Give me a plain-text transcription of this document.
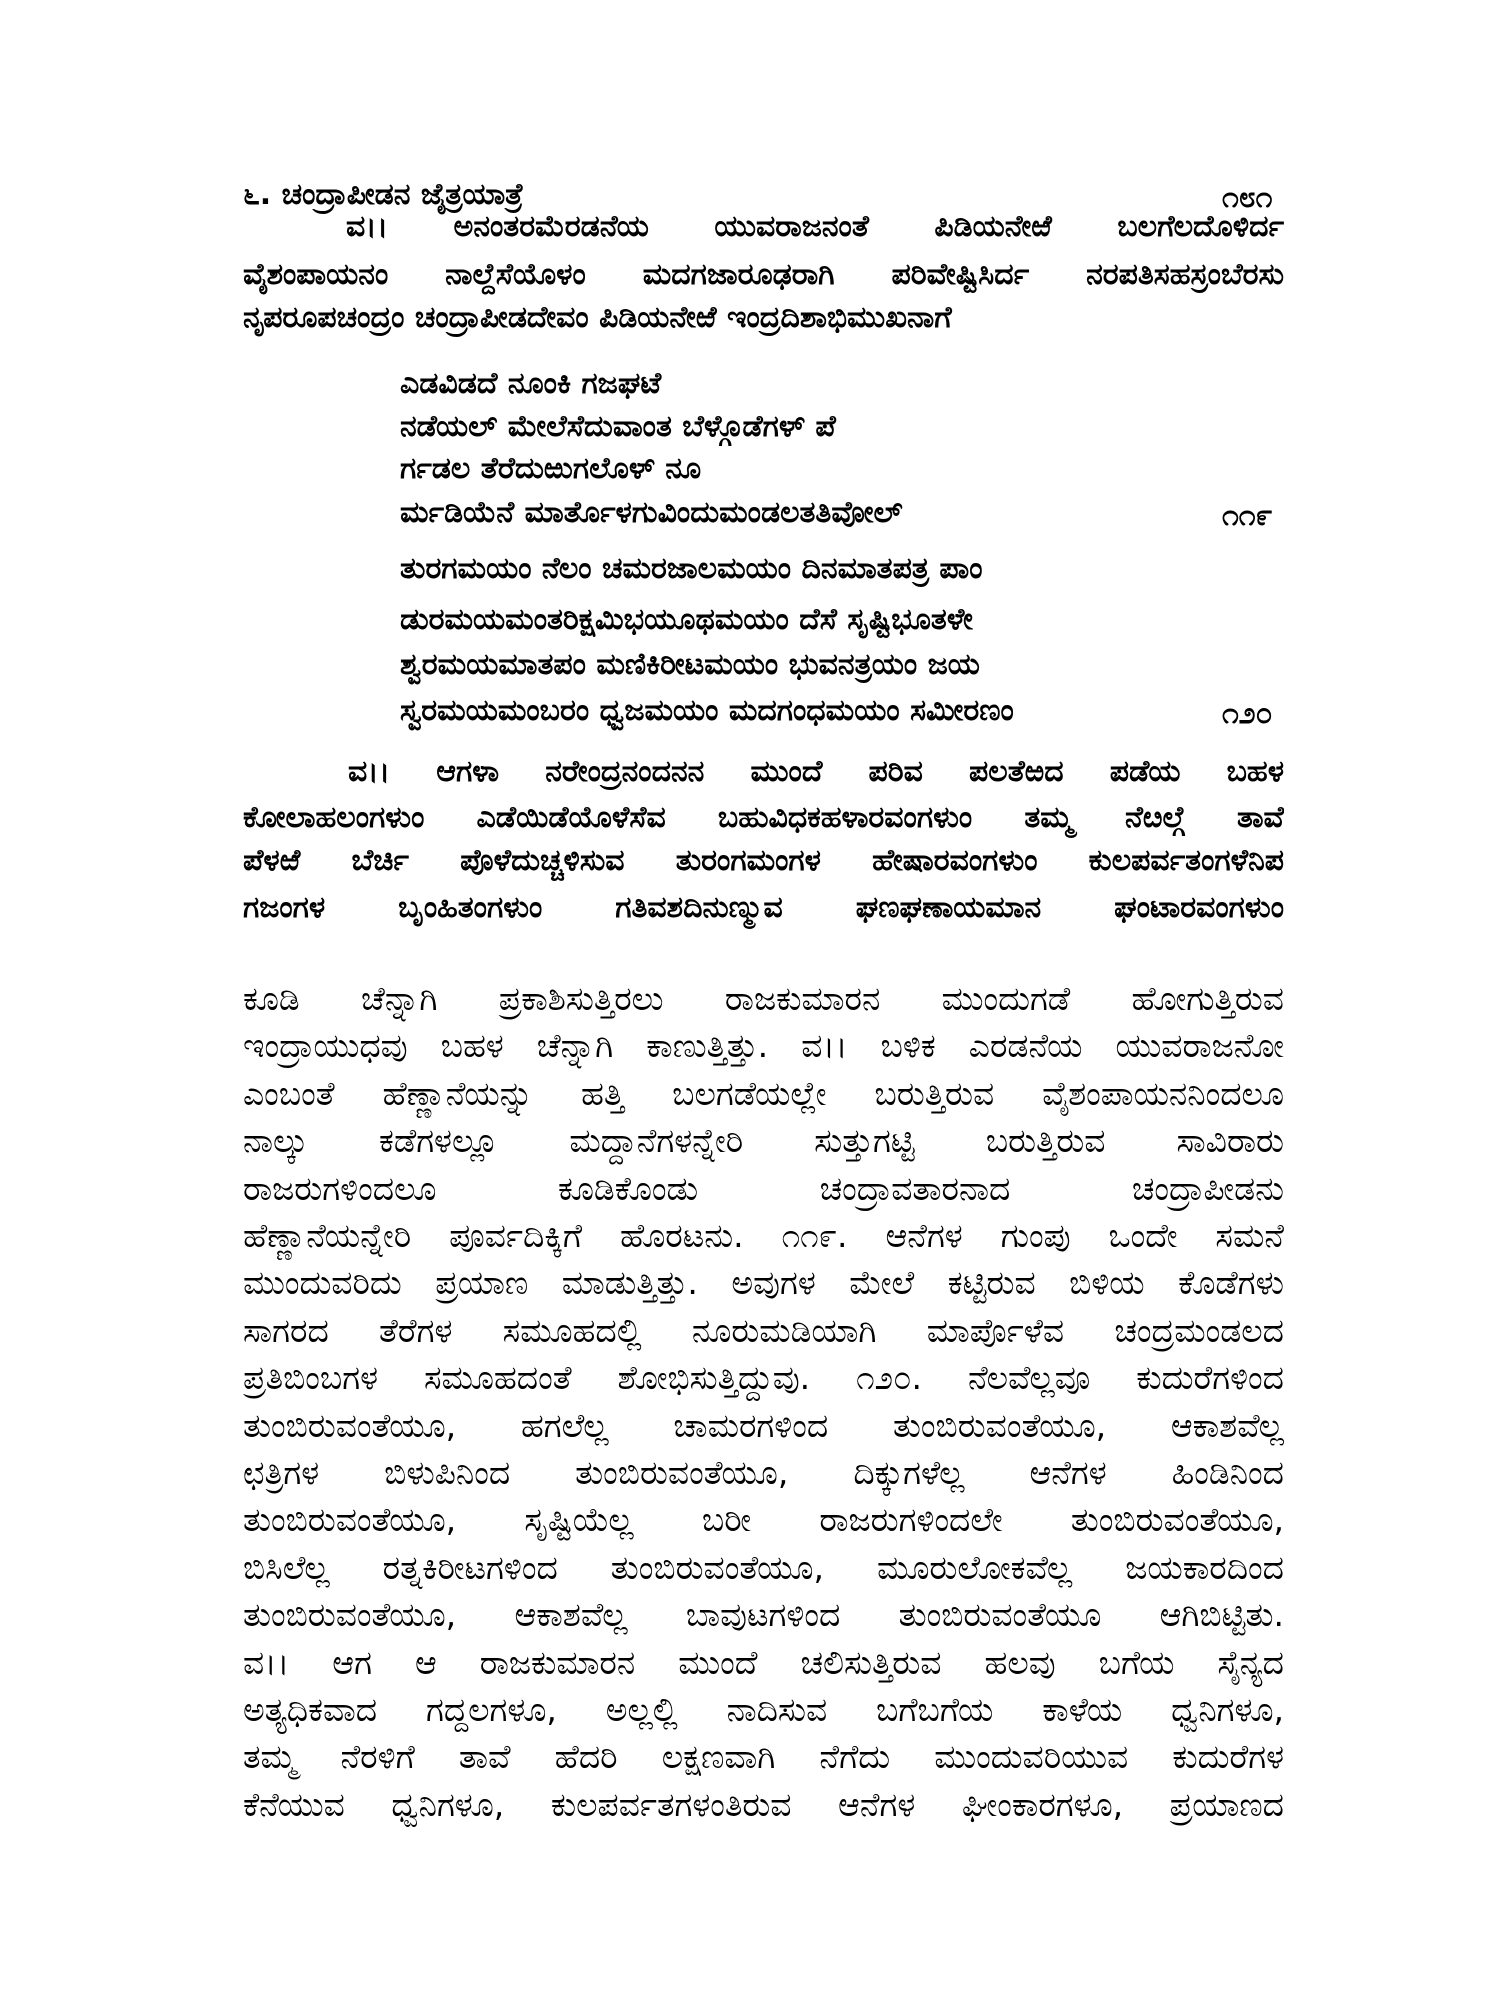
೬. ಚಂದ್ರಾಪೀಡನ ಜೈತ್ರಯಾತ್ರೆ	೧೮೧
ವ।। ಅನಂತರಮೆರಡನೆಯ ಯುವರಾಜನಂತೆ ಪಿಡಿಯನೇಱೆ ಬಲಗೆಲದೊಳಿರ್ದ
ವೈಶಂಪಾಯನಂ ನಾಲ್ದೆಸೆಯೊಳಂ ಮದಗಜಾರೂಢರಾಗಿ ಪರಿವೇಷ್ಟಿಸಿರ್ದ ನರಪತಿಸಹಸ್ರಂಬೆರಸು
ನೃಪರೂಪಚಂದ್ರಂ ಚಂದ್ರಾಪೀಡದೇವಂ ಪಿಡಿಯನೇಱೆ ಇಂದ್ರದಿಶಾಭಿಮುಖನಾಗೆ
ಎಡವಿಡದೆ ನೂಂಕಿ ಗಜಘಟೆ
ನಡೆಯಲ್ ಮೇಲೆಸೆದುವಾಂತ ಬೆಳ್ಗೊಡೆಗಳ್ ಪೆ
ರ್ಗಡಲ ತೆರೆದುಱುಗಲೊಳ್ ನೂ
ರ್ಮಡಿಯೆನೆ ಮಾರ್ತೊಳಗುವಿಂದುಮಂಡಲತತಿವೋಲ್	೧೧೯
ತುರಗಮಯಂ ನೆಲಂ ಚಮರಜಾಲಮಯಂ ದಿನಮಾತಪತ್ರ ಪಾಂ
ಡುರಮಯಮಂತರಿಕ್ಷಮಿಭಯೂಥಮಯಂ ದೆಸೆ ಸೃಷ್ಟಿಭೂತಳೇ
ಶ್ವರಮಯಮಾತಪಂ ಮಣಿಕಿರೀಟಮಯಂ ಭುವನತ್ರಯಂ ಜಯ
ಸ್ವರಮಯಮಂಬರಂ ಧ್ವಜಮಯಂ ಮದಗಂಧಮಯಂ ಸಮೀರಣಂ	೧೨೦
ವ।। ಆಗಳಾ ನರೇಂದ್ರನಂದನನ ಮುಂದೆ ಪರಿವ ಪಲತೆಱದ ಪಡೆಯ ಬಹಳ
ಕೋಲಾಹಲಂಗಳುಂ ಎಡೆಯಿಡೆಯೊಳೆಸೆವ ಬಹುವಿಧಕಹಳಾರವಂಗಳುಂ ತಮ್ಮ ನೆೞಲ್ಗೆ ತಾವೆ
ಪೆಳಱೆ ಬೆರ್ಚಿ ಪೊಳೆದುಚ್ಚಳಿಸುವ ತುರಂಗಮಂಗಳ ಹೇಷಾರವಂಗಳುಂ ಕುಲಪರ್ವತಂಗಳೆನಿಪ
ಗಜಂಗಳ ಬೃಂಹಿತಂಗಳುಂ ಗತಿವಶದಿನುಣ್ಮುವ ಘಣಘಣಾಯಮಾನ ಘಂಟಾರವಂಗಳುಂ
ಕೂಡಿ ಚೆನ್ನಾಗಿ ಪ್ರಕಾಶಿಸುತ್ತಿರಲು ರಾಜಕುಮಾರನ ಮುಂದುಗಡೆ ಹೋಗುತ್ತಿರುವ
ಇಂದ್ರಾಯುಧವು ಬಹಳ ಚೆನ್ನಾಗಿ ಕಾಣುತ್ತಿತ್ತು. ವ।। ಬಳಿಕ ಎರಡನೆಯ ಯುವರಾಜನೋ
ಎಂಬಂತೆ ಹೆಣ್ಣಾನೆಯನ್ನು ಹತ್ತಿ ಬಲಗಡೆಯಲ್ಲೇ ಬರುತ್ತಿರುವ ವೈಶಂಪಾಯನನಿಂದಲೂ
ನಾಲ್ಕು ಕಡೆಗಳಲ್ಲೂ ಮದ್ದಾನೆಗಳನ್ನೇರಿ ಸುತ್ತುಗಟ್ಟಿ ಬರುತ್ತಿರುವ ಸಾವಿರಾರು
ರಾಜರುಗಳಿಂದಲೂ ಕೂಡಿಕೊಂಡು ಚಂದ್ರಾವತಾರನಾದ ಚಂದ್ರಾಪೀಡನು
ಹೆಣ್ಣಾನೆಯನ್ನೇರಿ ಪೂರ್ವದಿಕ್ಕಿಗೆ ಹೊರಟನು. ೧೧೯. ಆನೆಗಳ ಗುಂಪು ಒಂದೇ ಸಮನೆ
ಮುಂದುವರಿದು ಪ್ರಯಾಣ ಮಾಡುತ್ತಿತ್ತು. ಅವುಗಳ ಮೇಲೆ ಕಟ್ಟಿರುವ ಬಿಳಿಯ ಕೊಡೆಗಳು
ಸಾಗರದ ತೆರೆಗಳ ಸಮೂಹದಲ್ಲಿ ನೂರುಮಡಿಯಾಗಿ ಮಾರ್ಪೊಳೆವ ಚಂದ್ರಮಂಡಲದ
ಪ್ರತಿಬಿಂಬಗಳ ಸಮೂಹದಂತೆ ಶೋಭಿಸುತ್ತಿದ್ದುವು. ೧೨೦. ನೆಲವೆಲ್ಲವೂ ಕುದುರೆಗಳಿಂದ
ತುಂಬಿರುವಂತೆಯೂ, ಹಗಲೆಲ್ಲ ಚಾಮರಗಳಿಂದ ತುಂಬಿರುವಂತೆಯೂ, ಆಕಾಶವೆಲ್ಲ
ಛತ್ರಿಗಳ ಬಿಳುಪಿನಿಂದ ತುಂಬಿರುವಂತೆಯೂ, ದಿಕ್ಕುಗಳೆಲ್ಲ ಆನೆಗಳ ಹಿಂಡಿನಿಂದ
ತುಂಬಿರುವಂತೆಯೂ, ಸೃಷ್ಟಿಯೆಲ್ಲ ಬರೀ ರಾಜರುಗಳಿಂದಲೇ ತುಂಬಿರುವಂತೆಯೂ,
ಬಿಸಿಲೆಲ್ಲ ರತ್ನಕಿರೀಟಗಳಿಂದ ತುಂಬಿರುವಂತೆಯೂ, ಮೂರುಲೋಕವೆಲ್ಲ ಜಯಕಾರದಿಂದ
ತುಂಬಿರುವಂತೆಯೂ, ಆಕಾಶವೆಲ್ಲ ಬಾವುಟಗಳಿಂದ ತುಂಬಿರುವಂತೆಯೂ ಆಗಿಬಿಟ್ಟಿತು.
ವ।। ಆಗ ಆ ರಾಜಕುಮಾರನ ಮುಂದೆ ಚಲಿಸುತ್ತಿರುವ ಹಲವು ಬಗೆಯ ಸೈನ್ಯದ
ಅತ್ಯಧಿಕವಾದ ಗದ್ದಲಗಳೂ, ಅಲ್ಲಲ್ಲಿ ನಾದಿಸುವ ಬಗೆಬಗೆಯ ಕಾಳೆಯ ಧ್ವನಿಗಳೂ,
ತಮ್ಮ ನೆರಳಿಗೆ ತಾವೆ ಹೆದರಿ ಲಕ್ಷಣವಾಗಿ ನೆಗೆದು ಮುಂದುವರಿಯುವ ಕುದುರೆಗಳ
ಕೆನೆಯುವ ಧ್ವನಿಗಳೂ, ಕುಲಪರ್ವತಗಳಂತಿರುವ ಆನೆಗಳ ಘೀಂಕಾರಗಳೂ, ಪ್ರಯಾಣದ
